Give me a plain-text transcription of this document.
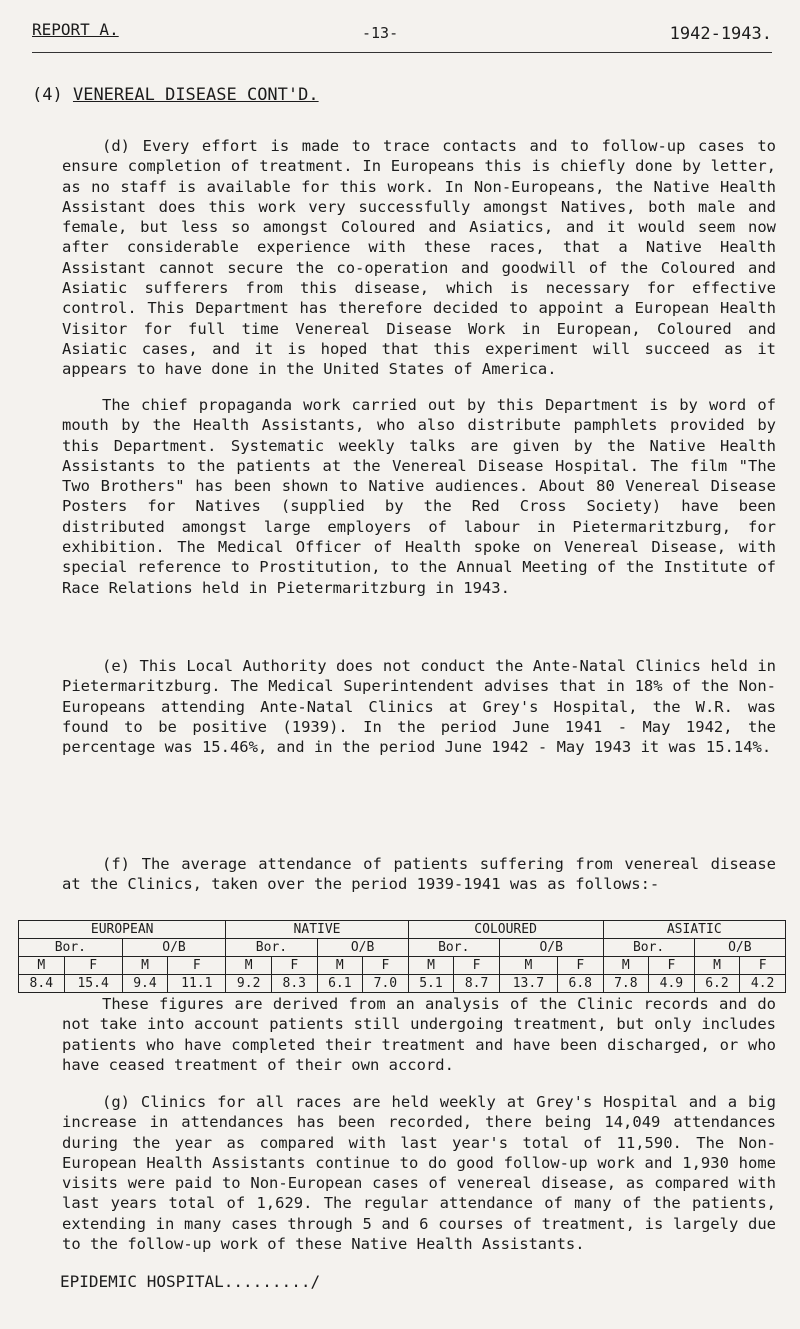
REPORT A.	-13-	1942-1943.
(4) VENEREAL DISEASE CONT'D.
(d) Every effort is made to trace contacts and to follow-up cases to ensure completion of treatment. In Europeans this is chiefly done by letter, as no staff is available for this work. In Non-Europeans, the Native Health Assistant does this work very successfully amongst Natives, both male and female, but less so amongst Coloured and Asiatics, and it would seem now after considerable experience with these races, that a Native Health Assistant cannot secure the co-operation and goodwill of the Coloured and Asiatic sufferers from this disease, which is necessary for effective control. This Department has therefore decided to appoint a European Health Visitor for full time Venereal Disease Work in European, Coloured and Asiatic cases, and it is hoped that this experiment will succeed as it appears to have done in the United States of America.
The chief propaganda work carried out by this Department is by word of mouth by the Health Assistants, who also distribute pamphlets provided by this Department. Systematic weekly talks are given by the Native Health Assistants to the patients at the Venereal Disease Hospital. The film "The Two Brothers" has been shown to Native audiences. About 80 Venereal Disease Posters for Natives (supplied by the Red Cross Society) have been distributed amongst large employers of labour in Pietermaritzburg, for exhibition. The Medical Officer of Health spoke on Venereal Disease, with special reference to Prostitution, to the Annual Meeting of the Institute of Race Relations held in Pietermaritzburg in 1943.
(e) This Local Authority does not conduct the Ante-Natal Clinics held in Pietermaritzburg. The Medical Superintendent advises that in 18% of the Non-Europeans attending Ante-Natal Clinics at Grey's Hospital, the W.R. was found to be positive (1939). In the period June 1941 - May 1942, the percentage was 15.46%, and in the period June 1942 - May 1943 it was 15.14%.
(f) The average attendance of patients suffering from venereal disease at the Clinics, taken over the period 1939-1941 was as follows:-
EUROPEAN				NATIVE				COLOURED				ASIATIC			
Bor.		O/B		Bor.		O/B		Bor.		O/B		Bor.		O/B	
M	F	M	F	M	F	M	F	M	F	M	F	M	F	M	F
8.4	15.4	9.4	11.1	9.2	8.3	6.1	7.0	5.1	8.7	13.7	6.8	7.8	4.9	6.2	4.2
These figures are derived from an analysis of the Clinic records and do not take into account patients still undergoing treatment, but only includes patients who have completed their treatment and have been discharged, or who have ceased treatment of their own accord.
(g) Clinics for all races are held weekly at Grey's Hospital and a big increase in attendances has been recorded, there being 14,049 attendances during the year as compared with last year's total of 11,590. The Non-European Health Assistants continue to do good follow-up work and 1,930 home visits were paid to Non-European cases of venereal disease, as compared with last years total of 1,629. The regular attendance of many of the patients, extending in many cases through 5 and 6 courses of treatment, is largely due to the follow-up work of these Native Health Assistants.
EPIDEMIC HOSPITAL........./
